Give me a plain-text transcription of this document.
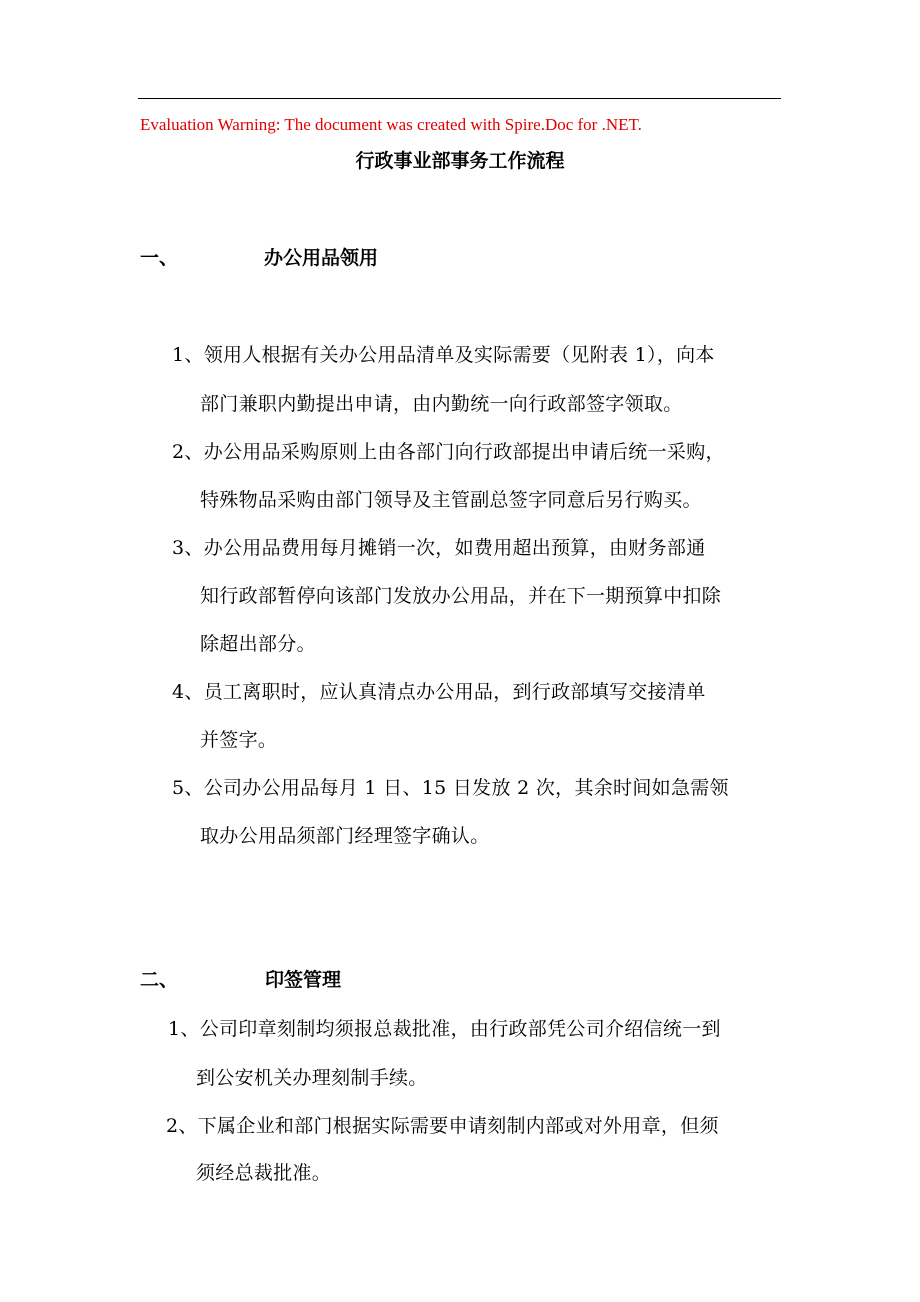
Evaluation Warning: The document was created with Spire.Doc for .NET.
行政事业部事务工作流程
一、	办公用品领用
1、领用人根据有关办公用品清单及实际需要（见附表 1），向本
部门兼职内勤提出申请，由内勤统一向行政部签字领取。
2、办公用品采购原则上由各部门向行政部提出申请后统一采购，
特殊物品采购由部门领导及主管副总签字同意后另行购买。
3、办公用品费用每月摊销一次，如费用超出预算，由财务部通
知行政部暂停向该部门发放办公用品，并在下一期预算中扣除
除超出部分。
4、员工离职时，应认真清点办公用品，到行政部填写交接清单
并签字。
5、公司办公用品每月 1 日、15 日发放 2 次，其余时间如急需领
取办公用品须部门经理签字确认。
二、	印签管理
1、公司印章刻制均须报总裁批准，由行政部凭公司介绍信统一到
到公安机关办理刻制手续。
2、下属企业和部门根据实际需要申请刻制内部或对外用章，但须
须经总裁批准。
